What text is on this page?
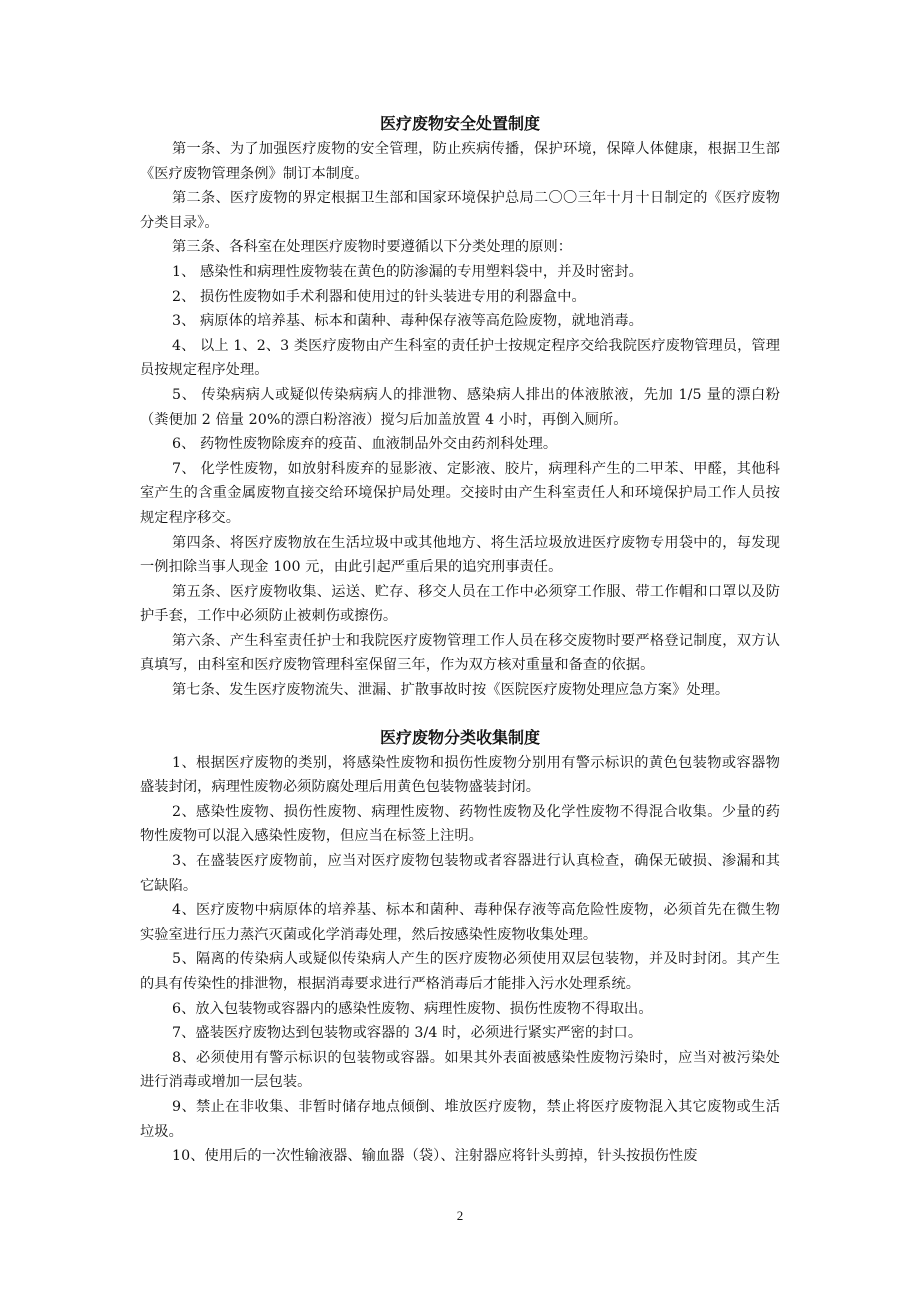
医疗废物安全处置制度

第一条、为了加强医疗废物的安全管理，防止疾病传播，保护环境，保障人体健康，根据卫生部《医疗废物管理条例》制订本制度。

第二条、医疗废物的界定根据卫生部和国家环境保护总局二〇〇三年十月十日制定的《医疗废物分类目录》。

第三条、各科室在处理医疗废物时要遵循以下分类处理的原则：

1、 感染性和病理性废物装在黄色的防渗漏的专用塑料袋中，并及时密封。

2、 损伤性废物如手术利器和使用过的针头装进专用的利器盒中。

3、 病原体的培养基、标本和菌种、毒种保存液等高危险废物，就地消毒。

4、 以上 1、2、3 类医疗废物由产生科室的责任护士按规定程序交给我院医疗废物管理员，管理员按规定程序处理。

5、 传染病病人或疑似传染病病人的排泄物、感染病人排出的体液脓液，先加 1/5 量的漂白粉（粪便加 2 倍量 20%的漂白粉溶液）搅匀后加盖放置 4 小时，再倒入厕所。

6、 药物性废物除废弃的疫苗、血液制品外交由药剂科处理。

7、 化学性废物，如放射科废弃的显影液、定影液、胶片，病理科产生的二甲苯、甲醛，其他科室产生的含重金属废物直接交给环境保护局处理。交接时由产生科室责任人和环境保护局工作人员按规定程序移交。

第四条、将医疗废物放在生活垃圾中或其他地方、将生活垃圾放进医疗废物专用袋中的，每发现一例扣除当事人现金 100 元，由此引起严重后果的追究刑事责任。

第五条、医疗废物收集、运送、贮存、移交人员在工作中必须穿工作服、带工作帽和口罩以及防护手套，工作中必须防止被刺伤或擦伤。

第六条、产生科室责任护士和我院医疗废物管理工作人员在移交废物时要严格登记制度，双方认真填写，由科室和医疗废物管理科室保留三年，作为双方核对重量和备查的依据。

第七条、发生医疗废物流失、泄漏、扩散事故时按《医院医疗废物处理应急方案》处理。

医疗废物分类收集制度

1、根据医疗废物的类别，将感染性废物和损伤性废物分别用有警示标识的黄色包装物或容器物盛装封闭，病理性废物必须防腐处理后用黄色包装物盛装封闭。

2、感染性废物、损伤性废物、病理性废物、药物性废物及化学性废物不得混合收集。少量的药物性废物可以混入感染性废物，但应当在标签上注明。

3、在盛装医疗废物前，应当对医疗废物包装物或者容器进行认真检查，确保无破损、渗漏和其它缺陷。

4、医疗废物中病原体的培养基、标本和菌种、毒种保存液等高危险性废物，必须首先在微生物实验室进行压力蒸汽灭菌或化学消毒处理，然后按感染性废物收集处理。

5、隔离的传染病人或疑似传染病人产生的医疗废物必须使用双层包装物，并及时封闭。其产生的具有传染性的排泄物，根据消毒要求进行严格消毒后才能排入污水处理系统。

6、放入包装物或容器内的感染性废物、病理性废物、损伤性废物不得取出。

7、盛装医疗废物达到包装物或容器的 3/4 时，必须进行紧实严密的封口。

8、必须使用有警示标识的包装物或容器。如果其外表面被感染性废物污染时，应当对被污染处进行消毒或增加一层包装。

9、禁止在非收集、非暂时储存地点倾倒、堆放医疗废物，禁止将医疗废物混入其它废物或生活垃圾。

10、使用后的一次性输液器、输血器（袋）、注射器应将针头剪掉，针头按损伤性废

2
